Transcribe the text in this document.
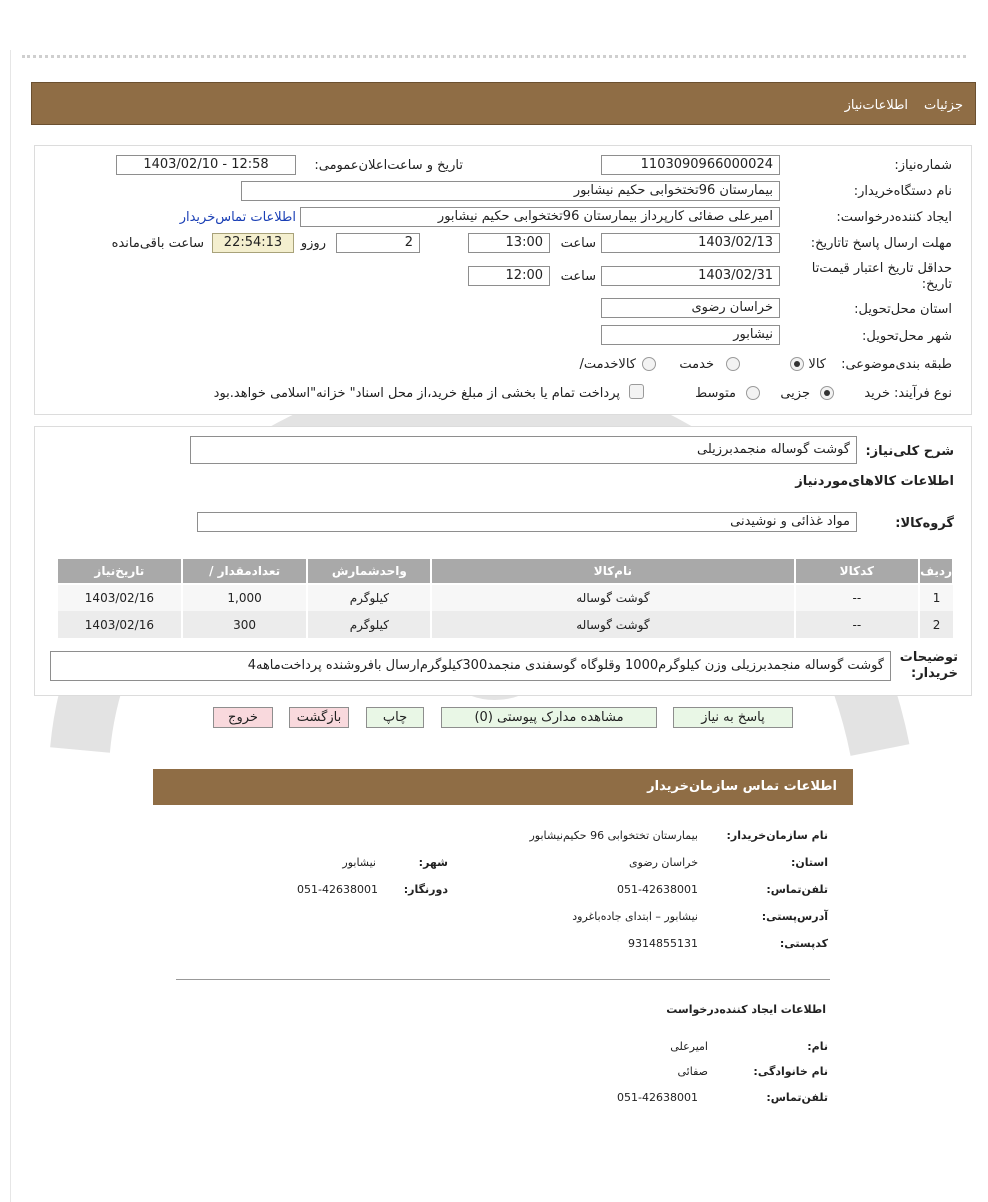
جزئیات
اطلاعات‌نیاز
شماره‌نیاز:
1103090966000024
تاریخ و ساعت‌اعلان‌عمومی:
1403/02/10 - 12:58
نام دستگاه‌خریدار:
بیمارستان 96تختخوابی حکیم نیشابور
ایجاد کننده‌درخواست:
امیرعلی صفائی کارپرداز بیمارستان 96تختخوابی حکیم نیشابور
اطلاعات تماس‌خریدار
مهلت ارسال پاسخ تا‌تاریخ:
1403/02/13
ساعت
13:00
2
روزو
22:54:13
ساعت باقی‌مانده
حداقل تاریخ اعتبار قیمت‌تا تاریخ:
1403/02/31
ساعت
12:00
استان محل‌تحویل:
خراسان رضوی
شهر محل‌تحویل:
نیشابور
طبقه بندی‌موضوعی:
کالا
خدمت
کالا‌خدمت/
نوع فرآیند:
خرید
جزیی
متوسط
پرداخت تمام یا بخشی از مبلغ خرید،از محل اسناد" خزانه"اسلامی خواهد.بود
شرح کلی‌نیاز:
گوشت گوساله منجمدبرزیلی
اطلاعات کالاهای‌موردنیاز
گروه‌کالا:
مواد غذائی و نوشیدنی
ردیف	کدکالا	نام‌کالا	واحدشمارش	تعدادمقدار /	تاریخ‌نیاز
1	--	گوشت گوساله	کیلوگرم	1,000	1403/02/16
2	--	گوشت گوساله	کیلوگرم	300	1403/02/16
توضیحات خریدار:
گوشت گوساله منجمدبرزیلی وزن کیلوگرم1000 وقلوگاه گوسفندی منجمد300کیلوگرم‌ارسال بافروشنده پرداخت‌ماهه4
پاسخ به نیاز
مشاهده مدارک پیوستی (0)
چاپ
بازگشت
خروج
اطلاعات تماس سازمان‌خریدار
نام سازمان‌خریدار:
بیمارستان تختخوابی 96 حکیم‌نیشابور
استان:
خراسان رضوی
شهر:
نیشابور
تلفن‌تماس:
051-42638001
دورنگار:
051-42638001
آدرس‌پستی:
نیشابور – ابتدای جاده‌باغرود
کد‌پستی:
9314855131
اطلاعات ایجاد کننده‌درخواست
نام:
امیرعلی
نام خانوادگی:
صفائی
تلفن‌تماس:
051-42638001
